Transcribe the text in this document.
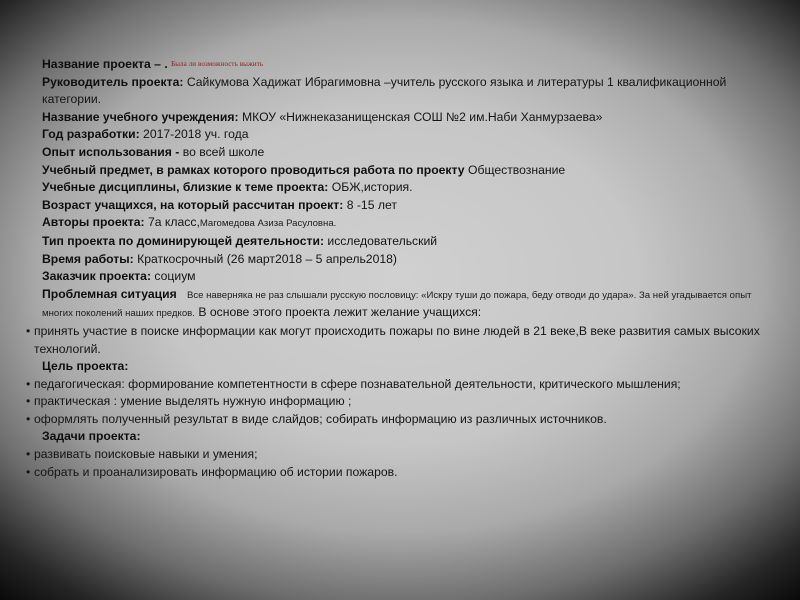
Название проекта – . Была ли возможность выжить
Руководитель проекта: Сайкумова Хадижат Ибрагимовна –учитель русского языка и литературы 1 квалификационной категории.
Название учебного учреждения: МКОУ «Нижнеказанищенская СОШ №2 им.Наби Ханмурзаева»
Год разработки: 2017-2018 уч. года
Опыт использования - во всей школе
Учебный предмет, в рамках которого проводиться работа по проекту Обществознание
Учебные дисциплины, близкие к теме проекта: ОБЖ,история.
Возраст учащихся, на который рассчитан проект: 8 -15 лет
Авторы проекта: 7а класс,Магомедова Азиза Расуловна.
Тип проекта по доминирующей деятельности: исследовательский
Время работы: Краткосрочный (26 март2018 – 5 апрель2018)
Заказчик проекта: социум
Проблемная ситуация Все наверняка не раз слышали русскую пословицу: «Искру туши до пожара, беду отводи до удара». За ней угадывается опыт многих поколений наших предков. В основе этого проекта лежит желание учащихся:
• принять участие в поиске информации как могут происходить пожары по вине людей в 21 веке,В веке развития самых высоких технологий.
Цель проекта:
• педагогическая: формирование компетентности в сфере познавательной деятельности, критического мышления;
• практическая : умение выделять нужную информацию ;
• оформлять полученный результат в виде слайдов; собирать информацию из различных источников.
Задачи проекта:
• развивать поисковые навыки и умения;
• собрать и проанализировать информацию об истории пожаров.
